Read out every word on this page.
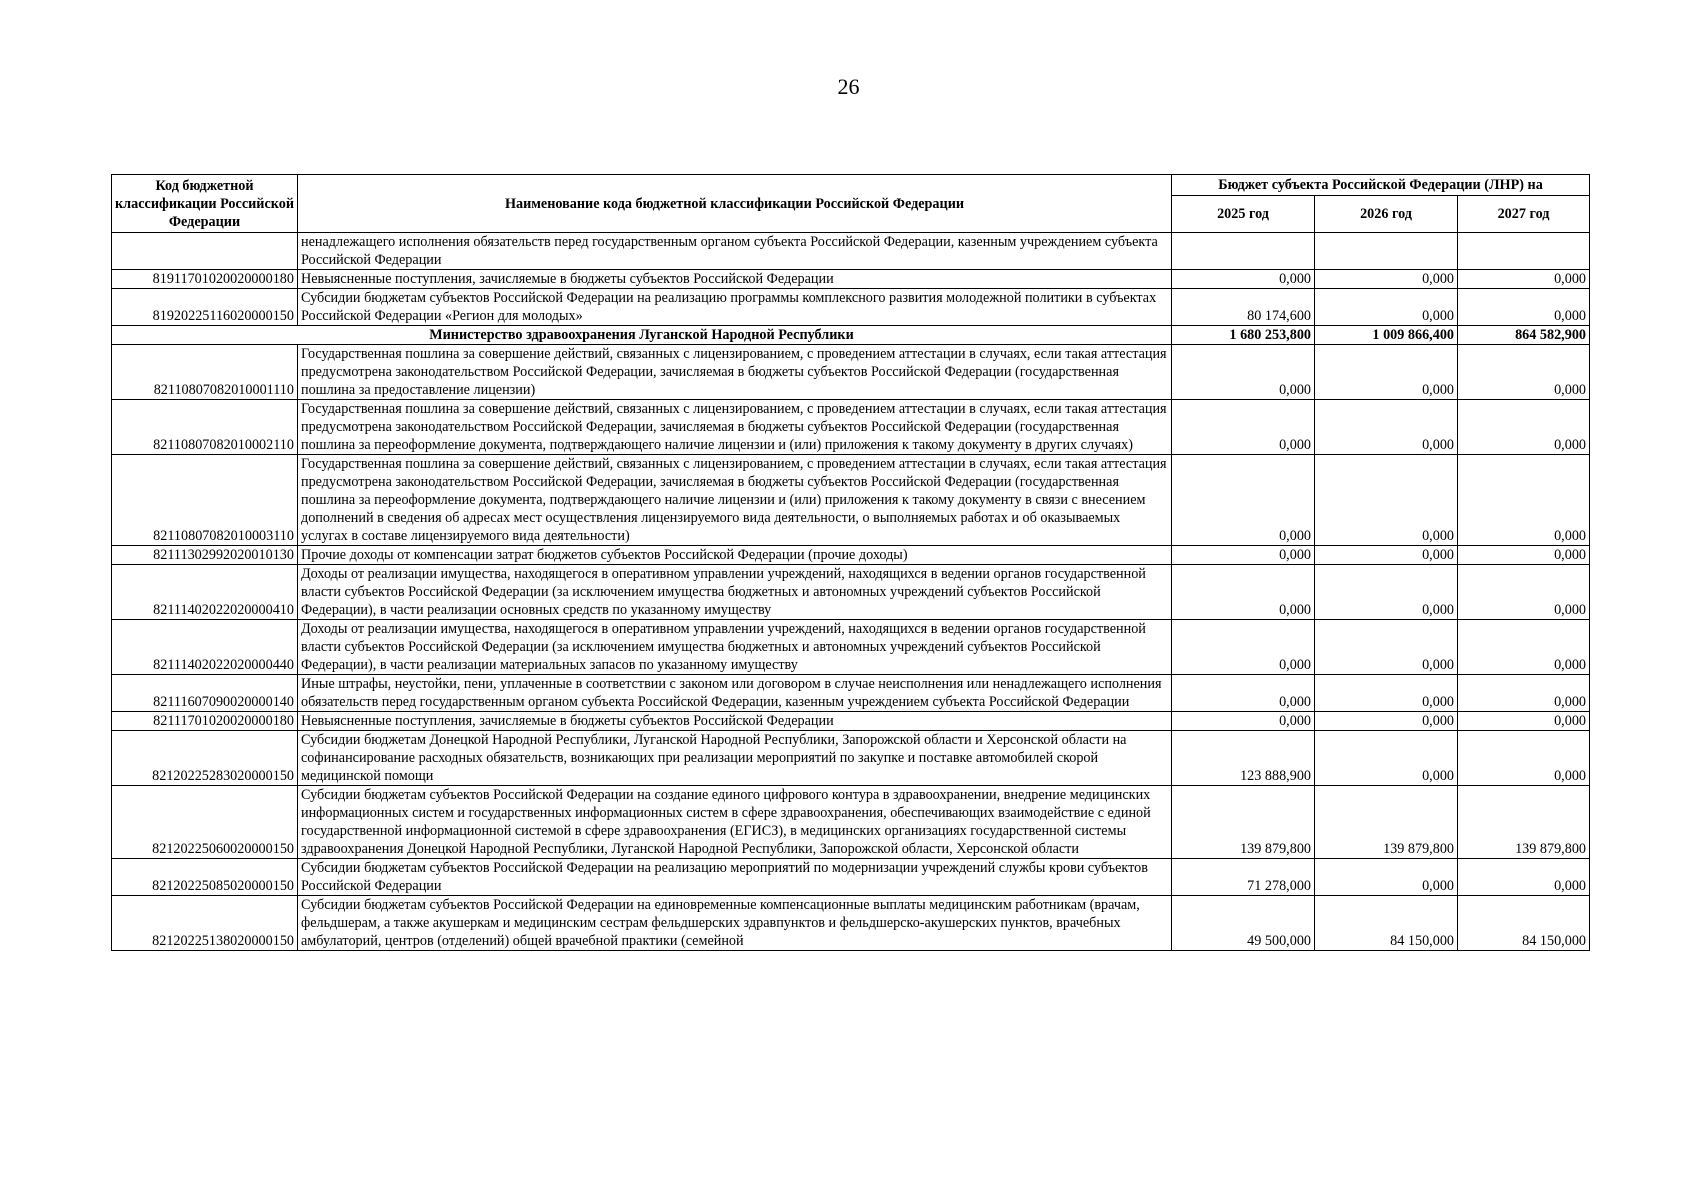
26
Код бюджетной классификации Российской Федерации	Наименование кода бюджетной классификации Российской Федерации	Бюджет субъекта Российской Федерации (ЛНР) на		
		2025 год	2026 год	2027 год
	ненадлежащего исполнения обязательств перед государственным органом субъекта Российской Федерации, казенным учреждением субъекта Российской Федерации			
81911701020020000180	Невыясненные поступления, зачисляемые в бюджеты субъектов Российской Федерации	0,000	0,000	0,000
81920225116020000150	Субсидии бюджетам субъектов Российской Федерации на реализацию программы комплексного развития молодежной политики в субъектах Российской Федерации «Регион для молодых»	80 174,600	0,000	0,000
Министерство здравоохранения Луганской Народной Республики		1 680 253,800	1 009 866,400	864 582,900
82110807082010001110	Государственная пошлина за совершение действий, связанных с лицензированием, с проведением аттестации в случаях, если такая аттестация предусмотрена законодательством Российской Федерации, зачисляемая в бюджеты субъектов Российской Федерации (государственная пошлина за предоставление лицензии)	0,000	0,000	0,000
82110807082010002110	Государственная пошлина за совершение действий, связанных с лицензированием, с проведением аттестации в случаях, если такая аттестация предусмотрена законодательством Российской Федерации, зачисляемая в бюджеты субъектов Российской Федерации (государственная пошлина за переоформление документа, подтверждающего наличие лицензии и (или) приложения к такому документу в других случаях)	0,000	0,000	0,000
82110807082010003110	Государственная пошлина за совершение действий, связанных с лицензированием, с проведением аттестации в случаях, если такая аттестация предусмотрена законодательством Российской Федерации, зачисляемая в бюджеты субъектов Российской Федерации (государственная пошлина за переоформление документа, подтверждающего наличие лицензии и (или) приложения к такому документу в связи с внесением дополнений в сведения об адресах мест осуществления лицензируемого вида деятельности, о выполняемых работах и об оказываемых услугах в составе лицензируемого вида деятельности)	0,000	0,000	0,000
82111302992020010130	Прочие доходы от компенсации затрат бюджетов субъектов Российской Федерации (прочие доходы)	0,000	0,000	0,000
82111402022020000410	Доходы от реализации имущества, находящегося в оперативном управлении учреждений, находящихся в ведении органов государственной власти субъектов Российской Федерации (за исключением имущества бюджетных и автономных учреждений субъектов Российской Федерации), в части реализации основных средств по указанному имуществу	0,000	0,000	0,000
82111402022020000440	Доходы от реализации имущества, находящегося в оперативном управлении учреждений, находящихся в ведении органов государственной власти субъектов Российской Федерации (за исключением имущества бюджетных и автономных учреждений субъектов Российской Федерации), в части реализации материальных запасов по указанному имуществу	0,000	0,000	0,000
82111607090020000140	Иные штрафы, неустойки, пени, уплаченные в соответствии с законом или договором в случае неисполнения или ненадлежащего исполнения обязательств перед государственным органом субъекта Российской Федерации, казенным учреждением субъекта Российской Федерации	0,000	0,000	0,000
82111701020020000180	Невыясненные поступления, зачисляемые в бюджеты субъектов Российской Федерации	0,000	0,000	0,000
82120225283020000150	Субсидии бюджетам Донецкой Народной Республики, Луганской Народной Республики, Запорожской области и Херсонской области на софинансирование расходных обязательств, возникающих при реализации мероприятий по закупке и поставке автомобилей скорой медицинской помощи	123 888,900	0,000	0,000
82120225060020000150	Субсидии бюджетам субъектов Российской Федерации на создание единого цифрового контура в здравоохранении, внедрение медицинских информационных систем и государственных информационных систем в сфере здравоохранения, обеспечивающих взаимодействие с единой государственной информационной системой в сфере здравоохранения (ЕГИСЗ), в медицинских организациях государственной системы здравоохранения Донецкой Народной Республики, Луганской Народной Республики, Запорожской области, Херсонской области	139 879,800	139 879,800	139 879,800
82120225085020000150	Субсидии бюджетам субъектов Российской Федерации на реализацию мероприятий по модернизации учреждений службы крови субъектов Российской Федерации	71 278,000	0,000	0,000
82120225138020000150	Субсидии бюджетам субъектов Российской Федерации на единовременные компенсационные выплаты медицинским работникам (врачам, фельдшерам, а также акушеркам и медицинским сестрам фельдшерских здравпунктов и фельдшерско-акушерских пунктов, врачебных амбулаторий, центров (отделений) общей врачебной практики (семейной	49 500,000	84 150,000	84 150,000
